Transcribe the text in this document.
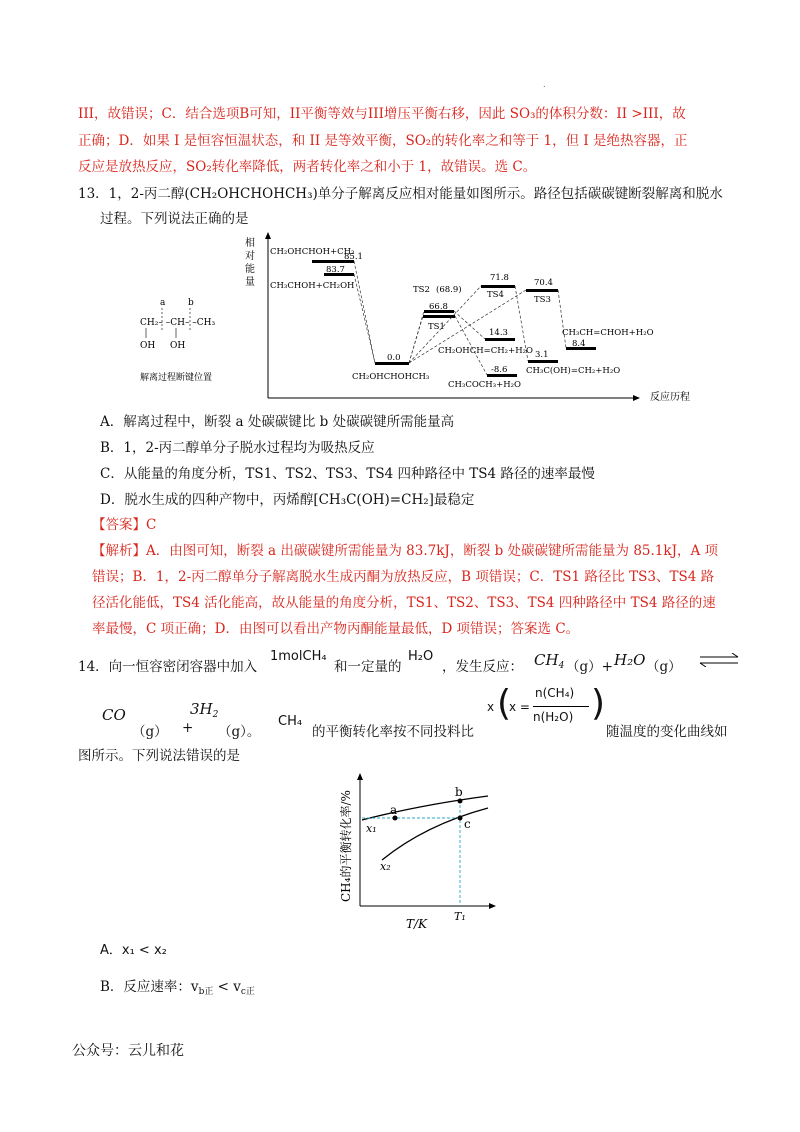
.
III，故错误；C．结合选项B可知，II平衡等效与III增压平衡右移，因此 SO₃的体积分数：II >III，故
正确；D．如果 I 是恒容恒温状态，和 II 是等效平衡，SO₂的转化率之和等于 1，但 I 是绝热容器，正
反应是放热反应，SO₂转化率降低，两者转化率之和小于 1，故错误。选 C。
13．1，2-丙二醇(CH₂OHCHOHCH₃)单分子解离反应相对能量如图所示。路径包括碳碳键断裂解离和脱水
过程。下列说法正确的是
相
对
能
量
反应历程
a	b
CH₂– –CH– –CH₃
OH OH
解离过程断键位置
CH₂OHCHOH+CH₃
85.1
83.7
CH₃CHOH+CH₂OH	TS2 (68.9)
66.8
TS1
71.8
TS4
70.4
TS3
0.0
CH₂OHCHOHCH₃
14.3
CH₂OHCH=CH₂+H₂O
-8.6
CH₃COCH₃+H₂O
3.1
CH₃C(OH)=CH₂+H₂O
CH₃CH=CHOH+H₂O
8.4
A．解离过程中，断裂 a 处碳碳键比 b 处碳碳键所需能量高
B．1，2-丙二醇单分子脱水过程均为吸热反应
C．从能量的角度分析，TS1、TS2、TS3、TS4 四种路径中 TS4 路径的速率最慢
D．脱水生成的四种产物中，丙烯醇[CH₃C(OH)=CH₂]最稳定
【答案】C
【解析】A．由图可知，断裂 a 出碳碳键所需能量为 83.7kJ，断裂 b 处碳碳键所需能量为 85.1kJ，A 项
错误；B．1，2-丙二醇单分子解离脱水生成丙酮为放热反应，B 项错误；C．TS1 路径比 TS3、TS4 路
径活化能低，TS4 活化能高，故从能量的角度分析，TS1、TS2、TS3、TS4 四种路径中 TS4 路径的速
率最慢，C 项正确；D．由图可以看出产物丙酮能量最低，D 项错误；答案选 C。
14．向一恒容密闭容器中加入
1molCH₄
和一定量的
H₂O
，发生反应： $CH_4$ （g）+ H₂O （g） ⇌
CO
（g） +
$3H_2$
（g）。
CH₄
的平衡转化率按不同投料比
x (
x =
n(CH₄)
n(H₂O) )
随温度的变化曲线如
图所示。下列说法错误的是
CH₄的平衡转化率/%
T/K
a
b
c
x₁
x₂
T₁
A．x₁ < x₂
B．反应速率：$v_{b正} < v_{c正}$
公众号：云儿和花
